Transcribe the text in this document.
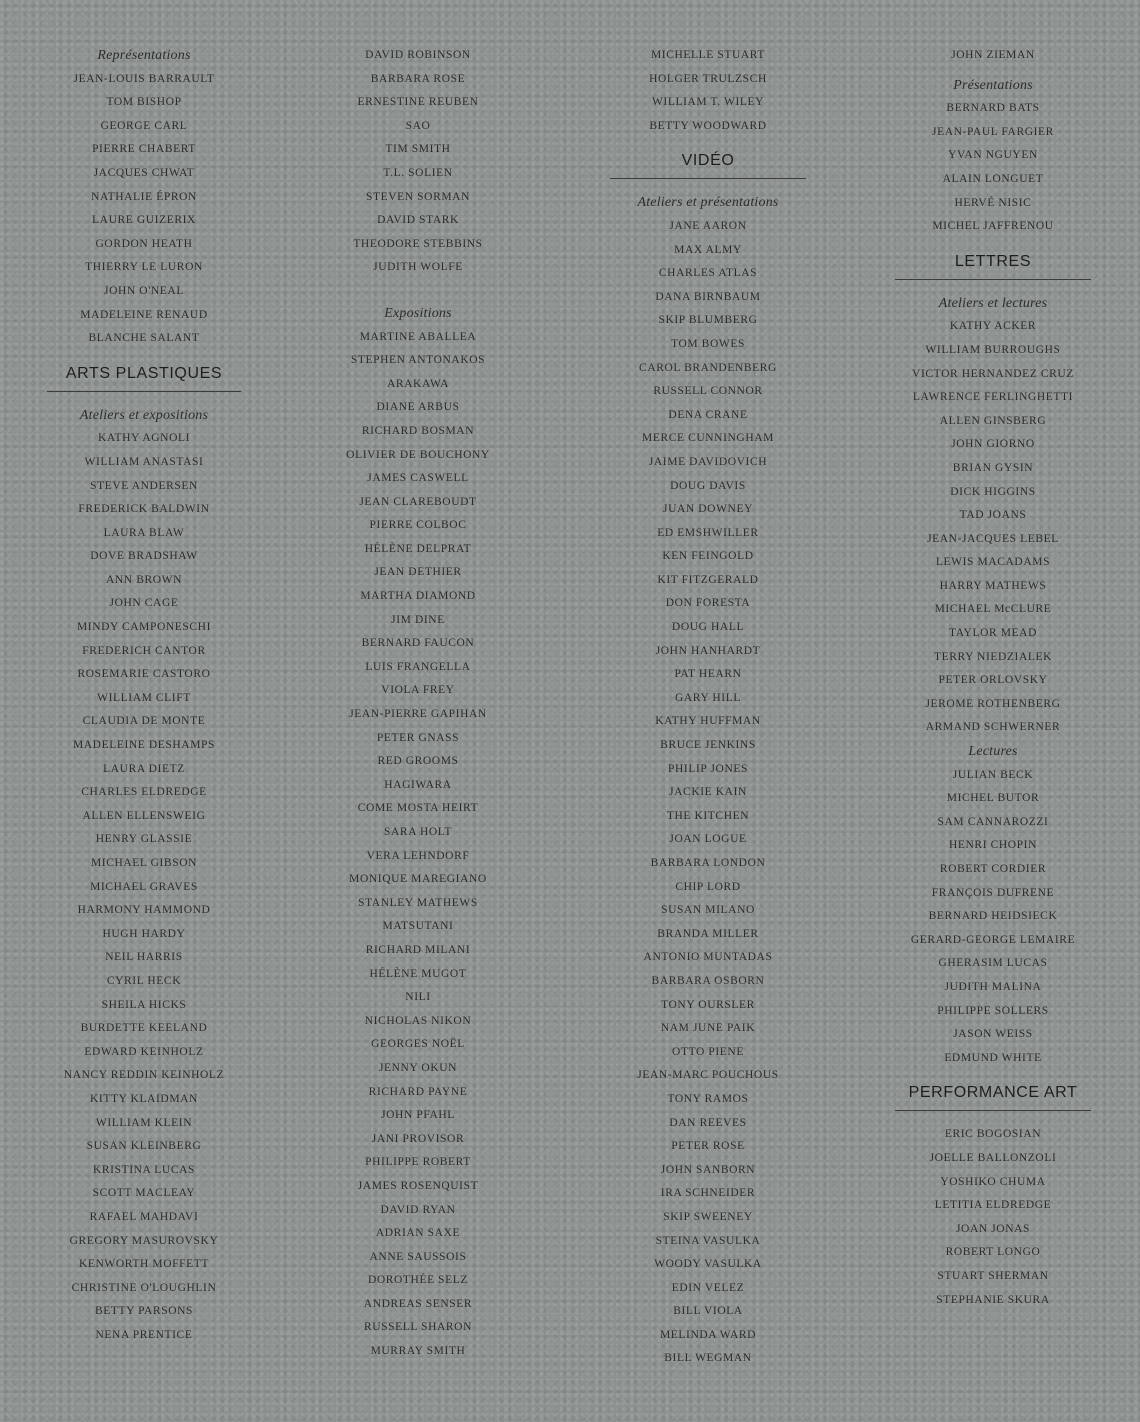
Représentations
JEAN-LOUIS BARRAULT
TOM BISHOP
GEORGE CARL
PIERRE CHABERT
JACQUES CHWAT
NATHALIE ÉPRON
LAURE GUIZERIX
GORDON HEATH
THIERRY LE LURON
JOHN O'NEAL
MADELEINE RENAUD
BLANCHE SALANT
ARTS PLASTIQUES
Ateliers et expositions
KATHY AGNOLI
WILLIAM ANASTASI
STEVE ANDERSEN
FREDERICK BALDWIN
LAURA BLAW
DOVE BRADSHAW
ANN BROWN
JOHN CAGE
MINDY CAMPONESCHI
FREDERICH CANTOR
ROSEMARIE CASTORO
WILLIAM CLIFT
CLAUDIA DE MONTE
MADELEINE DESHAMPS
LAURA DIETZ
CHARLES ELDREDGE
ALLEN ELLENSWEIG
HENRY GLASSIE
MICHAEL GIBSON
MICHAEL GRAVES
HARMONY HAMMOND
HUGH HARDY
NEIL HARRIS
CYRIL HECK
SHEILA HICKS
BURDETTE KEELAND
EDWARD KEINHOLZ
NANCY REDDIN KEINHOLZ
KITTY KLAIDMAN
WILLIAM KLEIN
SUSAN KLEINBERG
KRISTINA LUCAS
SCOTT MACLEAY
RAFAEL MAHDAVI
GREGORY MASUROVSKY
KENWORTH MOFFETT
CHRISTINE O'LOUGHLIN
BETTY PARSONS
NENA PRENTICE
DAVID ROBINSON
BARBARA ROSE
ERNESTINE REUBEN
SAO
TIM SMITH
T.L. SOLIEN
STEVEN SORMAN
DAVID STARK
THEODORE STEBBINS
JUDITH WOLFE
Expositions
MARTINE ABALLEA
STEPHEN ANTONAKOS
ARAKAWA
DIANE ARBUS
RICHARD BOSMAN
OLIVIER DE BOUCHONY
JAMES CASWELL
JEAN CLAREBOUDT
PIERRE COLBOC
HÉLÈNE DELPRAT
JEAN DETHIER
MARTHA DIAMOND
JIM DINE
BERNARD FAUCON
LUIS FRANGELLA
VIOLA FREY
JEAN-PIERRE GAPIHAN
PETER GNASS
RED GROOMS
HAGIWARA
COME MOSTA HEIRT
SARA HOLT
VERA LEHNDORF
MONIQUE MAREGIANO
STANLEY MATHEWS
MATSUTANI
RICHARD MILANI
HÉLÈNE MUGOT
NILI
NICHOLAS NIKON
GEORGES NOËL
JENNY OKUN
RICHARD PAYNE
JOHN PFAHL
JANI PROVISOR
PHILIPPE ROBERT
JAMES ROSENQUIST
DAVID RYAN
ADRIAN SAXE
ANNE SAUSSOIS
DOROTHÉE SELZ
ANDREAS SENSER
RUSSELL SHARON
MURRAY SMITH
MICHELLE STUART
HOLGER TRULZSCH
WILLIAM T. WILEY
BETTY WOODWARD
VIDÉO
Ateliers et présentations
JANE AARON
MAX ALMY
CHARLES ATLAS
DANA BIRNBAUM
SKIP BLUMBERG
TOM BOWES
CAROL BRANDENBERG
RUSSELL CONNOR
DENA CRANE
MERCE CUNNINGHAM
JAIME DAVIDOVICH
DOUG DAVIS
JUAN DOWNEY
ED EMSHWILLER
KEN FEINGOLD
KIT FITZGERALD
DON FORESTA
DOUG HALL
JOHN HANHARDT
PAT HEARN
GARY HILL
KATHY HUFFMAN
BRUCE JENKINS
PHILIP JONES
JACKIE KAIN
THE KITCHEN
JOAN LOGUE
BARBARA LONDON
CHIP LORD
SUSAN MILANO
BRANDA MILLER
ANTONIO MUNTADAS
BARBARA OSBORN
TONY OURSLER
NAM JUNE PAIK
OTTO PIENE
JEAN-MARC POUCHOUS
TONY RAMOS
DAN REEVES
PETER ROSE
JOHN SANBORN
IRA SCHNEIDER
SKIP SWEENEY
STEINA VASULKA
WOODY VASULKA
EDIN VELEZ
BILL VIOLA
MELINDA WARD
BILL WEGMAN
JOHN ZIEMAN
Présentations
BERNARD BATS
JEAN-PAUL FARGIER
YVAN NGUYEN
ALAIN LONGUET
HERVÉ NISIC
MICHEL JAFFRENOU
LETTRES
Ateliers et lectures
KATHY ACKER
WILLIAM BURROUGHS
VICTOR HERNANDEZ CRUZ
LAWRENCE FERLINGHETTI
ALLEN GINSBERG
JOHN GIORNO
BRIAN GYSIN
DICK HIGGINS
TAD JOANS
JEAN-JACQUES LEBEL
LEWIS MACADAMS
HARRY MATHEWS
MICHAEL McCLURE
TAYLOR MEAD
TERRY NIEDZIALEK
PETER ORLOVSKY
JEROME ROTHENBERG
ARMAND SCHWERNER
Lectures
JULIAN BECK
MICHEL BUTOR
SAM CANNAROZZI
HENRI CHOPIN
ROBERT CORDIER
FRANÇOIS DUFRENE
BERNARD HEIDSIECK
GERARD-GEORGE LEMAIRE
GHERASIM LUCAS
JUDITH MALINA
PHILIPPE SOLLERS
JASON WEISS
EDMUND WHITE
PERFORMANCE ART
ERIC BOGOSIAN
JOELLE BALLONZOLI
YOSHIKO CHUMA
LETITIA ELDREDGE
JOAN JONAS
ROBERT LONGO
STUART SHERMAN
STEPHANIE SKURA
